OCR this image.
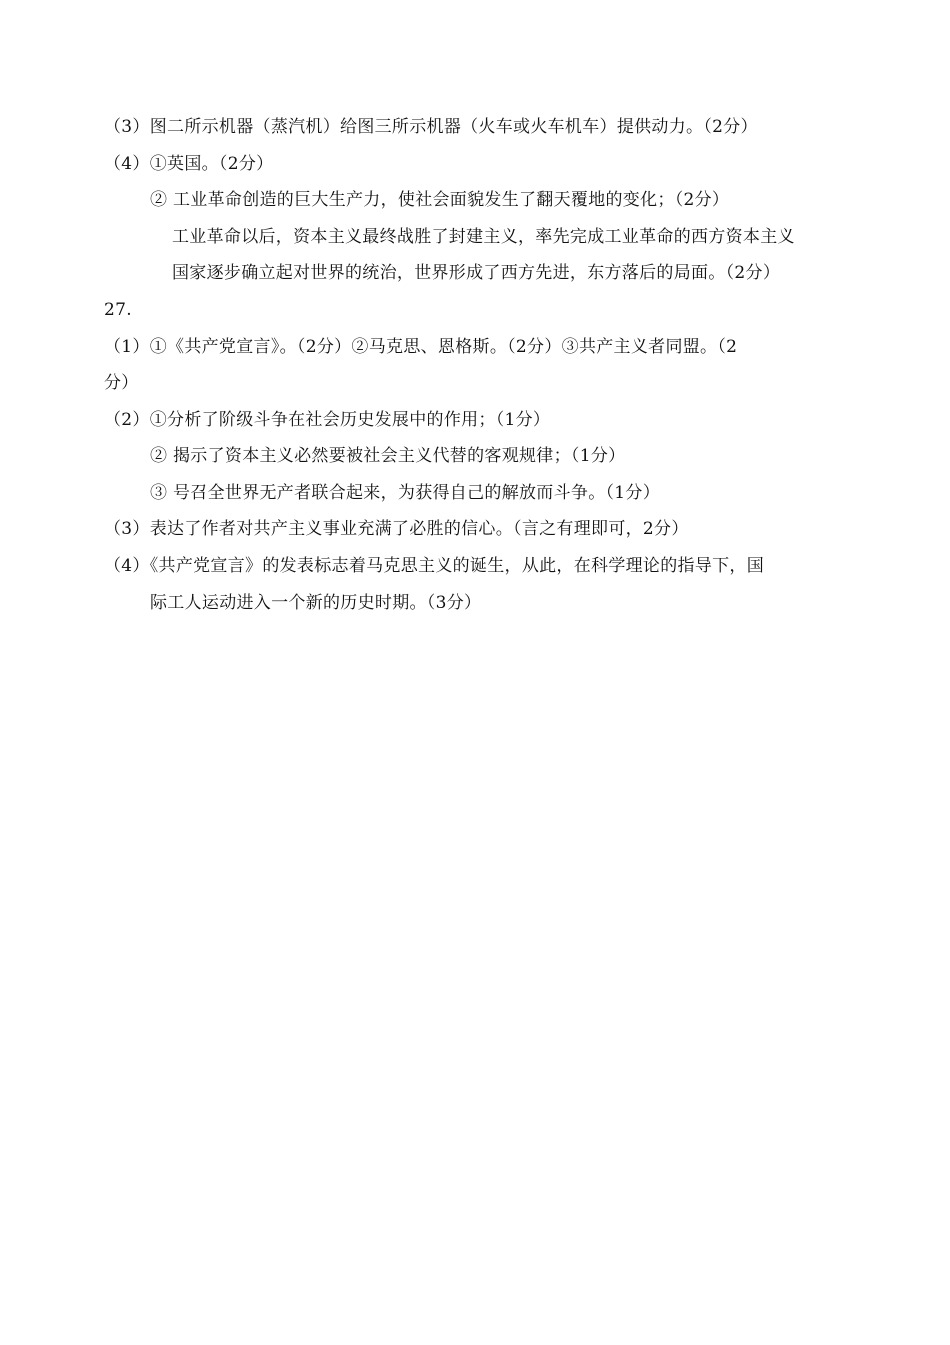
（3）图二所示机器（蒸汽机）给图三所示机器（火车或火车机车）提供动力。（2分）
（4）①英国。（2分）
② 工业革命创造的巨大生产力，使社会面貌发生了翻天覆地的变化；（2分）
工业革命以后，资本主义最终战胜了封建主义，率先完成工业革命的西方资本主义
国家逐步确立起对世界的统治，世界形成了西方先进，东方落后的局面。（2分）
27.
（1）①《共产党宣言》。（2分）②马克思、恩格斯。（2分）③共产主义者同盟。（2
分）
（2）①分析了阶级斗争在社会历史发展中的作用；（1分）
② 揭示了资本主义必然要被社会主义代替的客观规律；（1分）
③ 号召全世界无产者联合起来，为获得自己的解放而斗争。（1分）
（3）表达了作者对共产主义事业充满了必胜的信心。（言之有理即可，2分）
（4）《共产党宣言》的发表标志着马克思主义的诞生，从此，在科学理论的指导下，国
际工人运动进入一个新的历史时期。（3分）
